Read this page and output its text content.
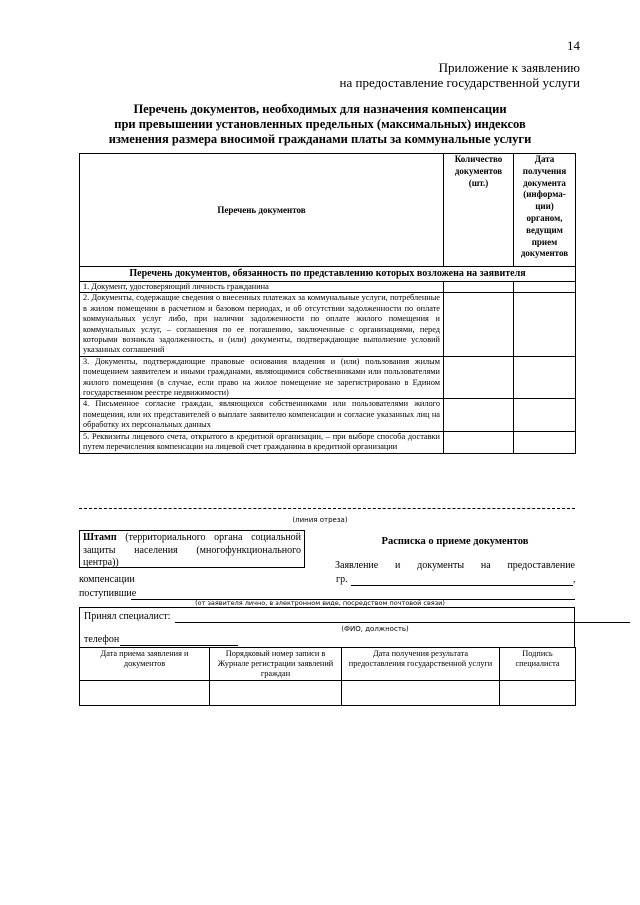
14
Приложение к заявлению
на предоставление государственной услуги
Перечень документов, необходимых для назначения компенсации
при превышении установленных предельных (максимальных) индексов
изменения размера вносимой гражданами платы за коммунальные услуги
Перечень документов	Количество документов (шт.)	Дата получения документа (информа-ции) органом, ведущим прием документов
Перечень документов, обязанность по представлению которых возложена на заявителя		
1. Документ, удостоверяющий личность гражданина		
2. Документы, содержащие сведения о внесенных платежах за коммунальные услуги, потребленные в жилом помещении в расчетном и базовом периодах, и об отсутствии задолженности по оплате коммунальных услуг либо, при наличии задолженности по оплате жилого помещения и коммунальных услуг, – соглашения по ее погашению, заключенные с организациями, перед которыми возникла задолженность, и (или) документы, подтверждающие выполнение условий указанных соглашений		
3. Документы, подтверждающие правовые основания владения и (или) пользования жилым помещением заявителем и иными гражданами, являющимися собственниками или пользователями жилого помещения (в случае, если право на жилое помещение не зарегистрировано в Едином государственном реестре недвижимости)		
4. Письменное согласие граждан, являющихся собственниками или пользователями жилого помещения, или их представителей о выплате заявителю компенсации и согласие указанных лиц на обработку их персональных данных		
5. Реквизиты лицевого счета, открытого в кредитной организации, – при выборе способа доставки путем перечисления компенсации на лицевой счет гражданина в кредитной организации		
(линия отреза)
Штамп (территориального органа социальной защиты населения (многофункционального центра))
Расписка о приеме документов
Заявление и документы на предоставление
компенсации	гр.	,
поступившие
(от заявителя лично, в электронном виде, посредством почтовой связи)
Принял специалист:
(ФИО, должность)
телефон
Дата приема заявления и документов	Порядковый номер записи в Журнале регистрации заявлений граждан	Дата получения результата предоставления государственной услуги	Подпись специалиста
